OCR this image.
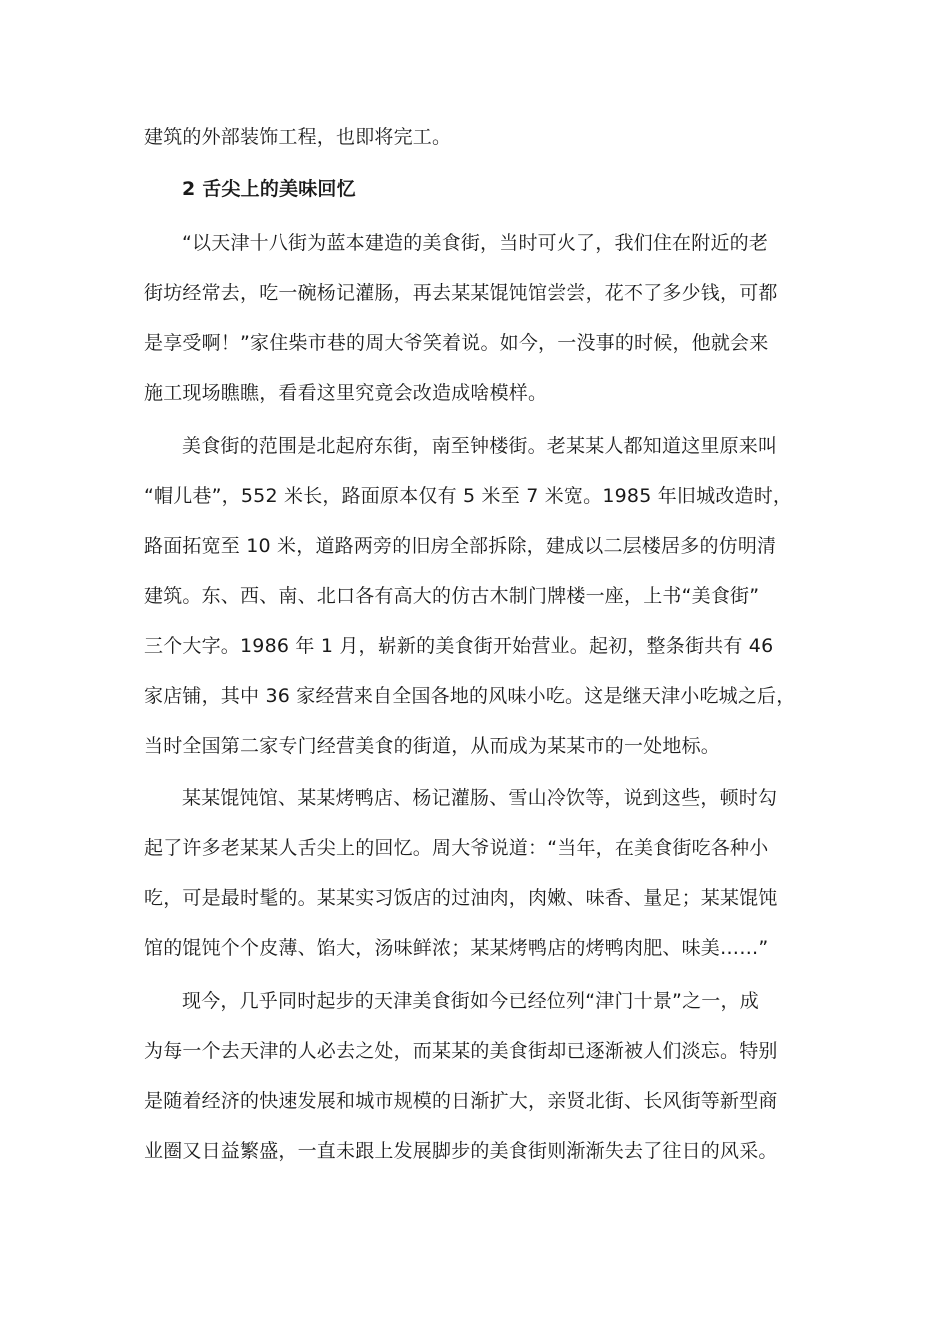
建筑的外部装饰工程，也即将完工。
2 舌尖上的美味回忆
“以天津十八街为蓝本建造的美食街，当时可火了，我们住在附近的老
街坊经常去，吃一碗杨记灌肠，再去某某馄饨馆尝尝，花不了多少钱，可都
是享受啊！”家住柴市巷的周大爷笑着说。如今，一没事的时候，他就会来
施工现场瞧瞧，看看这里究竟会改造成啥模样。
美食街的范围是北起府东街，南至钟楼街。老某某人都知道这里原来叫
“帽儿巷”，552 米长，路面原本仅有 5 米至 7 米宽。1985 年旧城改造时，
路面拓宽至 10 米，道路两旁的旧房全部拆除，建成以二层楼居多的仿明清
建筑。东、西、南、北口各有高大的仿古木制门牌楼一座，上书“美食街”
三个大字。1986 年 1 月，崭新的美食街开始营业。起初，整条街共有 46
家店铺，其中 36 家经营来自全国各地的风味小吃。这是继天津小吃城之后，
当时全国第二家专门经营美食的街道，从而成为某某市的一处地标。
某某馄饨馆、某某烤鸭店、杨记灌肠、雪山冷饮等，说到这些，顿时勾
起了许多老某某人舌尖上的回忆。周大爷说道：“当年，在美食街吃各种小
吃，可是最时髦的。某某实习饭店的过油肉，肉嫩、味香、量足；某某馄饨
馆的馄饨个个皮薄、馅大，汤味鲜浓；某某烤鸭店的烤鸭肉肥、味美……”
现今，几乎同时起步的天津美食街如今已经位列“津门十景”之一，成
为每一个去天津的人必去之处，而某某的美食街却已逐渐被人们淡忘。特别
是随着经济的快速发展和城市规模的日渐扩大，亲贤北街、长风街等新型商
业圈又日益繁盛，一直未跟上发展脚步的美食街则渐渐失去了往日的风采。
